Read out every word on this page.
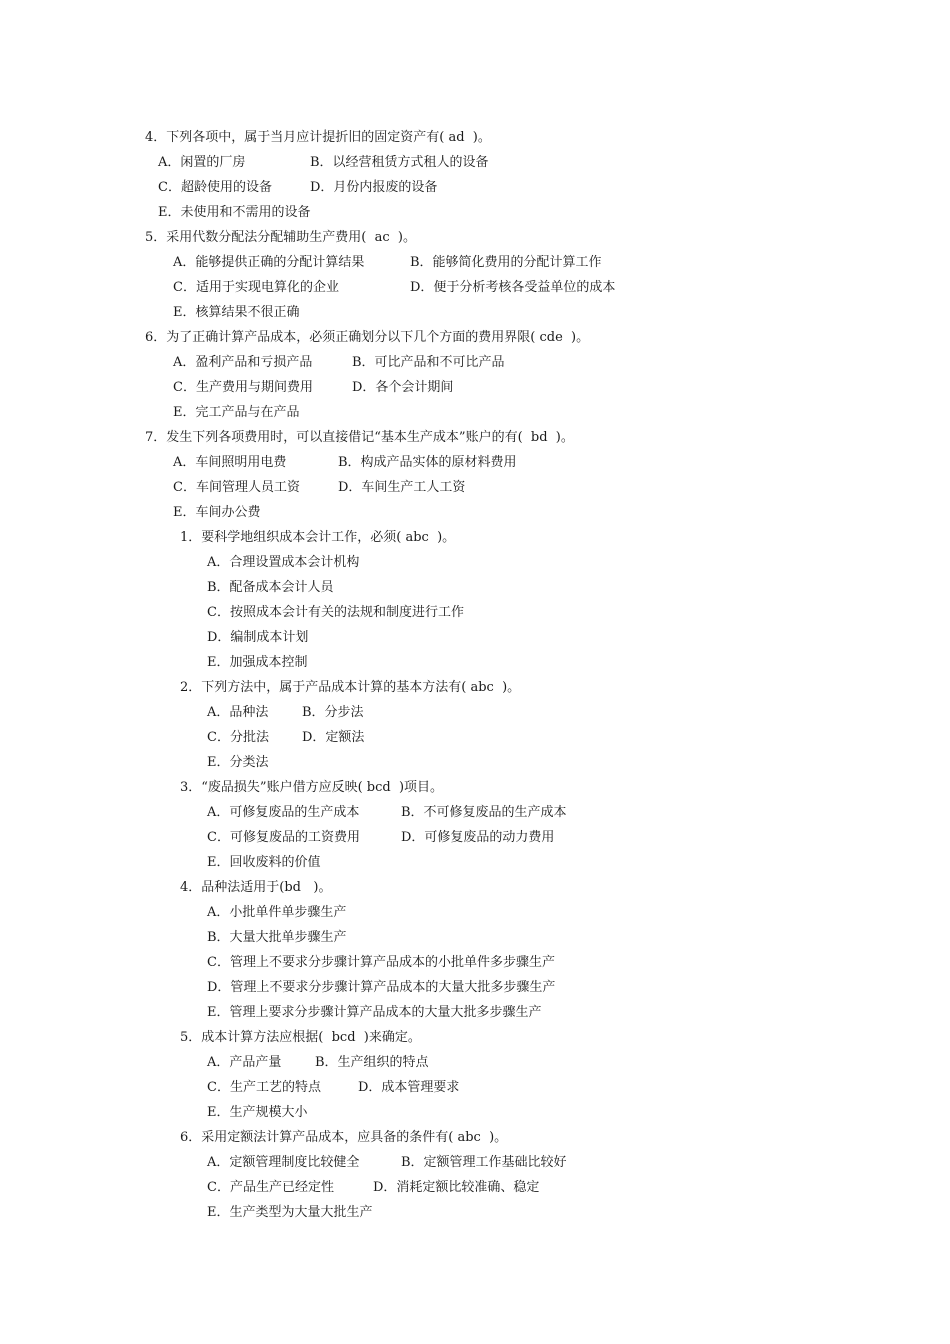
4．下列各项中，属于当月应计提折旧的固定资产有( ad  )。
A．闲置的厂房	B．以经营租赁方式租人的设备
C．超龄使用的设备	D．月份内报废的设备
E．未使用和不需用的设备
5．采用代数分配法分配辅助生产费用(  ac  )。
A．能够提供正确的分配计算结果	B．能够简化费用的分配计算工作
C．适用于实现电算化的企业	D．便于分析考核各受益单位的成本
E．核算结果不很正确
6．为了正确计算产品成本，必须正确划分以下几个方面的费用界限( cde  )。
A．盈利产品和亏损产品	B．可比产品和不可比产品
C．生产费用与期间费用	D．各个会计期间
E．完工产品与在产品
7．发生下列各项费用时，可以直接借记“基本生产成本”账户的有(  bd  )。
A．车间照明用电费	B．构成产品实体的原材料费用
C．车间管理人员工资	D．车间生产工人工资
E．车间办公费
1．要科学地组织成本会计工作，必须( abc  )。
A．合理设置成本会计机构
B．配备成本会计人员
C．按照成本会计有关的法规和制度进行工作
D．编制成本计划
E．加强成本控制
2．下列方法中，属于产品成本计算的基本方法有( abc  )。
A．品种法	B．分步法
C．分批法	D．定额法
E．分类法
3．“废品损失”账户借方应反映( bcd  )项目。
A．可修复废品的生产成本	B．不可修复废品的生产成本
C．可修复废品的工资费用	D．可修复废品的动力费用
E．回收废料的价值
4．品种法适用于(bd   )。
A．小批单件单步骤生产
B．大量大批单步骤生产
C．管理上不要求分步骤计算产品成本的小批单件多步骤生产
D．管理上不要求分步骤计算产品成本的大量大批多步骤生产
E．管理上要求分步骤计算产品成本的大量大批多步骤生产
5．成本计算方法应根据(  bcd  )来确定。
A．产品产量	B．生产组织的特点
C．生产工艺的特点	D．成本管理要求
E．生产规模大小
6．采用定额法计算产品成本，应具备的条件有( abc  )。
A．定额管理制度比较健全	B．定额管理工作基础比较好
C．产品生产已经定性	D．消耗定额比较准确、稳定
E．生产类型为大量大批生产
